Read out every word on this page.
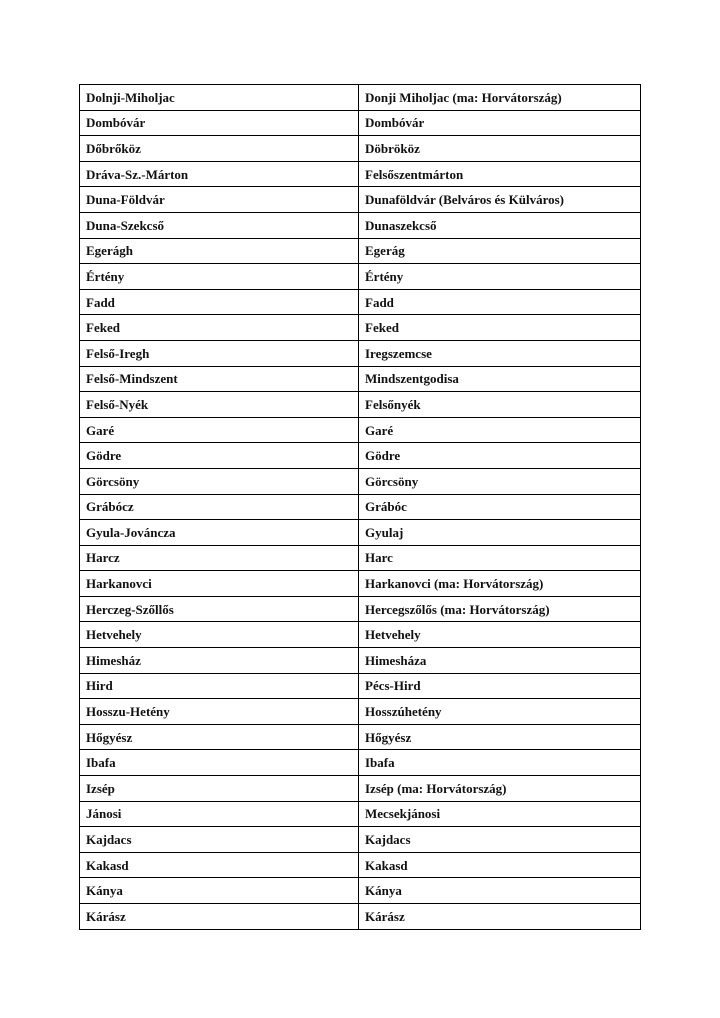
Dolnji-Miholjac	Donji Miholjac (ma: Horvátország)
Dombóvár	Dombóvár
Dőbrőköz	Döbrököz
Dráva-Sz.-Márton	Felsőszentmárton
Duna-Földvár	Dunaföldvár (Belváros és Külváros)
Duna-Szekcső	Dunaszekcső
Egerágh	Egerág
Értény	Értény
Fadd	Fadd
Feked	Feked
Felső-Iregh	Iregszemcse
Felső-Mindszent	Mindszentgodisa
Felső-Nyék	Felsőnyék
Garé	Garé
Gödre	Gödre
Görcsöny	Görcsöny
Grábócz	Grábóc
Gyula-Jováncza	Gyulaj
Harcz	Harc
Harkanovci	Harkanovci (ma: Horvátország)
Herczeg-Szőllős	Hercegszőlős (ma: Horvátország)
Hetvehely	Hetvehely
Himesház	Himesháza
Hird	Pécs-Hird
Hosszu-Hetény	Hosszúhetény
Hőgyész	Hőgyész
Ibafa	Ibafa
Izsép	Izsép (ma: Horvátország)
Jánosi	Mecsekjánosi
Kajdacs	Kajdacs
Kakasd	Kakasd
Kánya	Kánya
Kárász	Kárász
